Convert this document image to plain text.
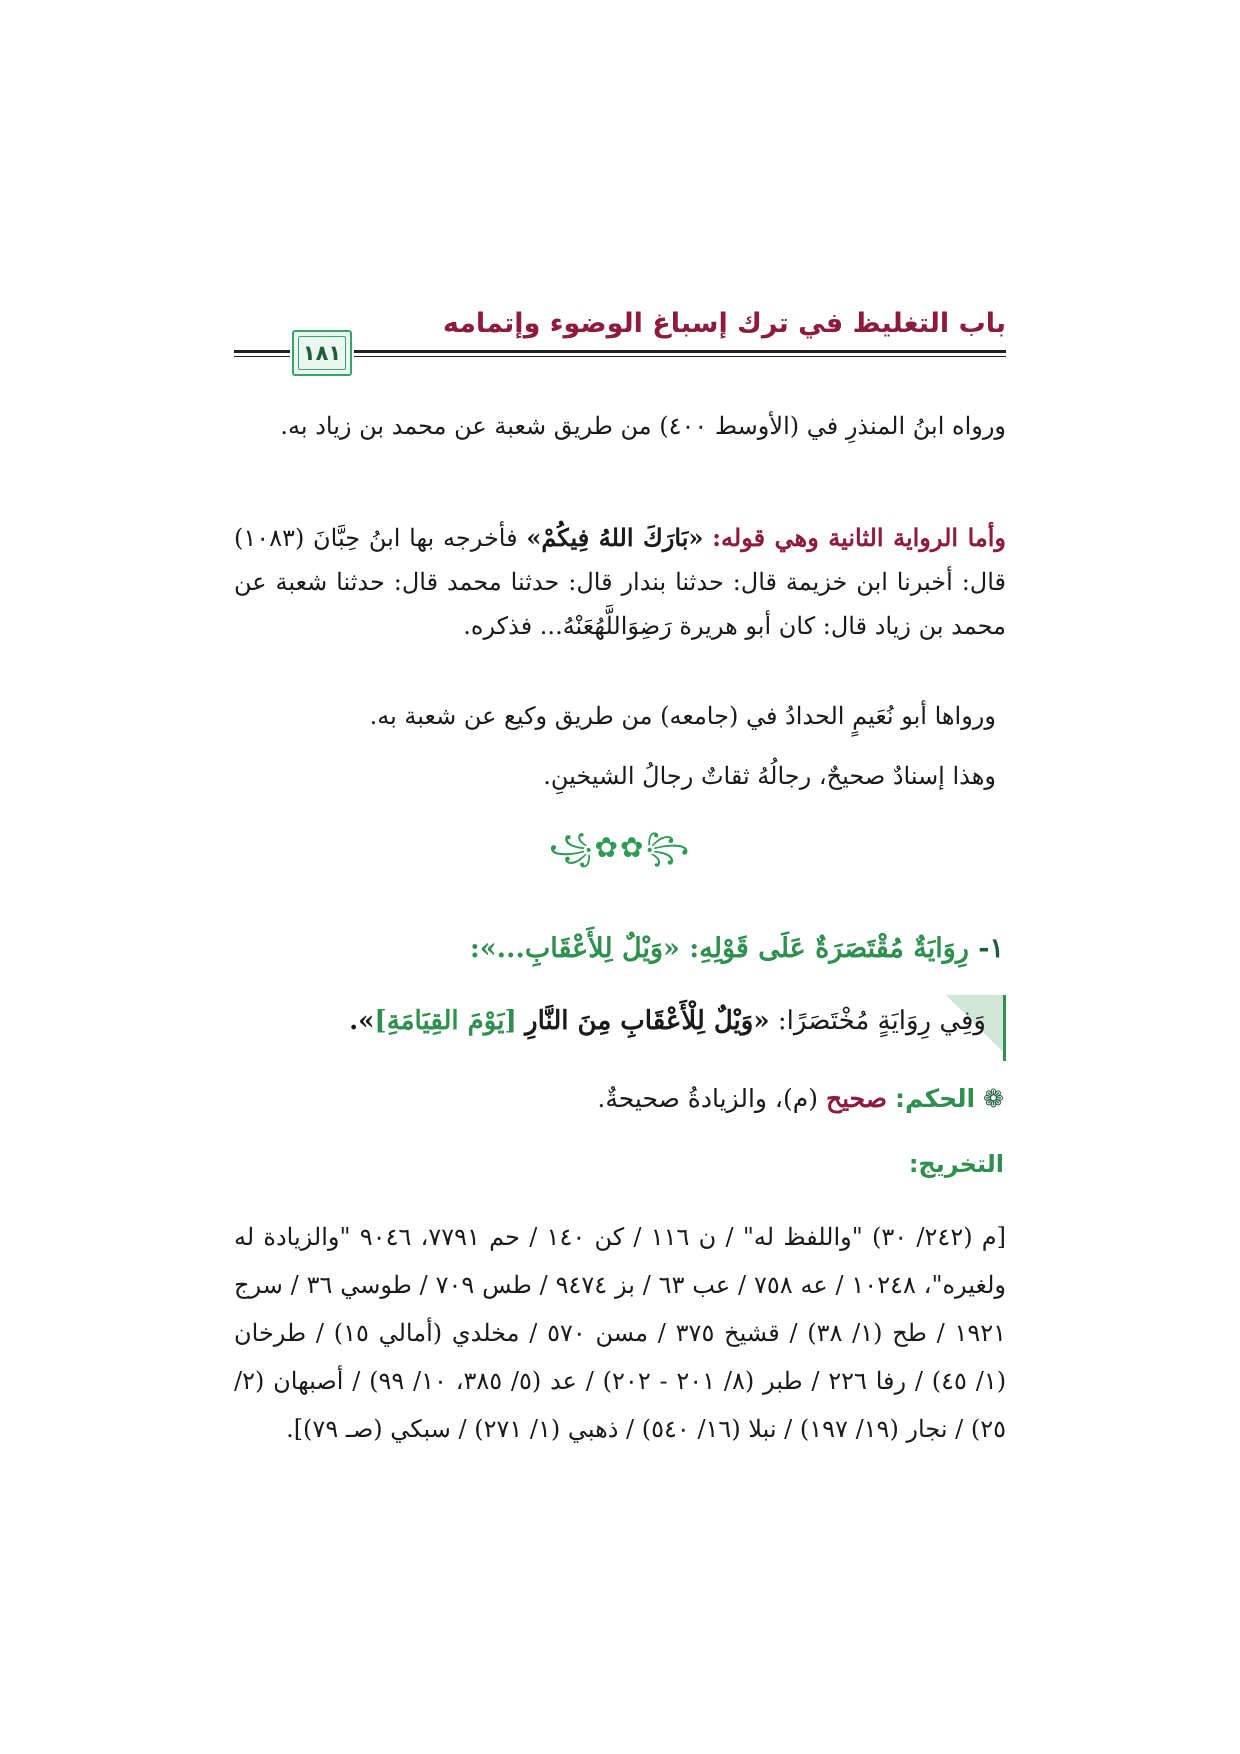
باب التغليظ في ترك إسباغ الوضوء وإتمامه
١٨١

ورواه ابنُ المنذرِ في (الأوسط ٤٠٠) من طريق شعبة عن محمد بن زياد به.

وأما الرواية الثانية وهي قوله: «بَارَكَ اللهُ فِيكُمْ» فأخرجه بها ابنُ حِبَّانَ (١٠٨٣) قال: أخبرنا ابن خزيمة قال: حدثنا بندار قال: حدثنا محمد قال: حدثنا شعبة عن محمد بن زياد قال: كان أبو هريرة رَضِوَاللَّهُعَنْهُ... فذكره.

ورواها أبو نُعَيمٍ الحدادُ في (جامعه) من طريق وكيع عن شعبة به.

وهذا إسنادٌ صحيحٌ، رجالُهُ ثقاتٌ رجالُ الشيخينِ.

꧁✿✿꧂
١- رِوَايَةٌ مُقْتَصَرَةٌ عَلَى قَوْلِهِ: «وَيْلٌ لِلأَعْقَابِ...»:
وَفِي رِوَايَةٍ مُخْتَصَرًا: «وَيْلٌ لِلْأَعْقَابِ مِنَ النَّارِ [يَوْمَ القِيَامَةِ]».
❁ الحكم: صحيح (م)، والزيادةُ صحيحةٌ.
التخريج:

[م (٢٤٢/ ٣٠) "واللفظ له" / ن ١١٦ / كن ١٤٠ / حم ٧٧٩١، ٩٠٤٦ "والزيادة له ولغيره"، ١٠٢٤٨ / عه ٧٥٨ / عب ٦٣ / بز ٩٤٧٤ / طس ٧٠٩ / طوسي ٣٦ / سرج ١٩٢١ / طح (١/ ٣٨) / قشيخ ٣٧٥ / مسن ٥٧٠ / مخلدي (أمالي ١٥) / طرخان (١/ ٤٥) / رفا ٢٢٦ / طبر (٨/ ٢٠١ - ٢٠٢) / عد (٥/ ٣٨٥، ١٠/ ٩٩) / أصبهان (٢/ ٢٥) / نجار (١٩/ ١٩٧) / نبلا (١٦/ ٥٤٠) / ذهبي (١/ ٢٧١) / سبكي (صـ ٧٩)].
